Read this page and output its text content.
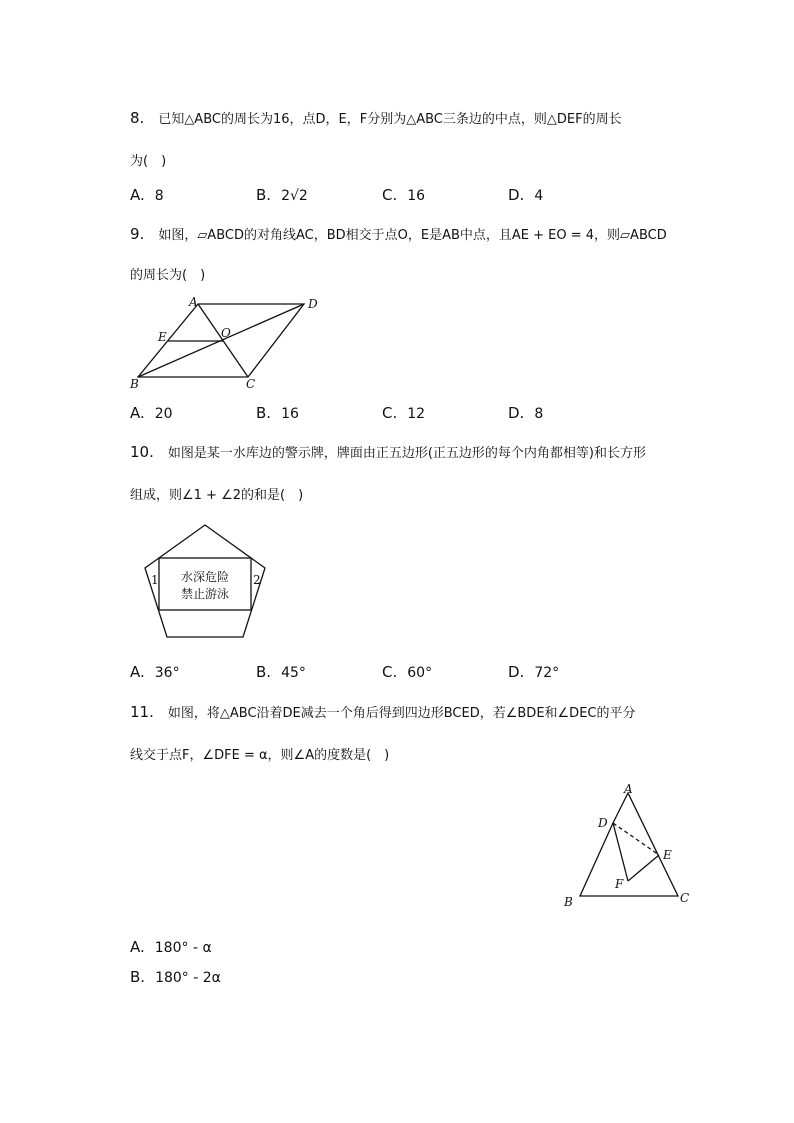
8. 已知△ABC的周长为16，点D，E，F分别为△ABC三条边的中点，则△DEF的周长
为(　)
A. 8	B. 2√2	C. 16	D. 4
9. 如图，▱ABCD的对角线AC，BD相交于点O，E是AB中点，且AE + EO = 4，则▱ABCD
的周长为(　)
A	D
E	O
B	C
A. 20	B. 16	C. 12	D. 8
10. 如图是某一水库边的警示牌，牌面由正五边形(正五边形的每个内角都相等)和长方形
组成，则∠1 + ∠2的和是(　)
水深危险
禁止游泳
1	2
A. 36°	B. 45°	C. 60°	D. 72°
11. 如图，将△ABC沿着DE减去一个角后得到四边形BCED，若∠BDE和∠DEC的平分
线交于点F，∠DFE = α，则∠A的度数是(　)
A
D
E
F
B	C
A. 180° - α
B. 180° - 2α
